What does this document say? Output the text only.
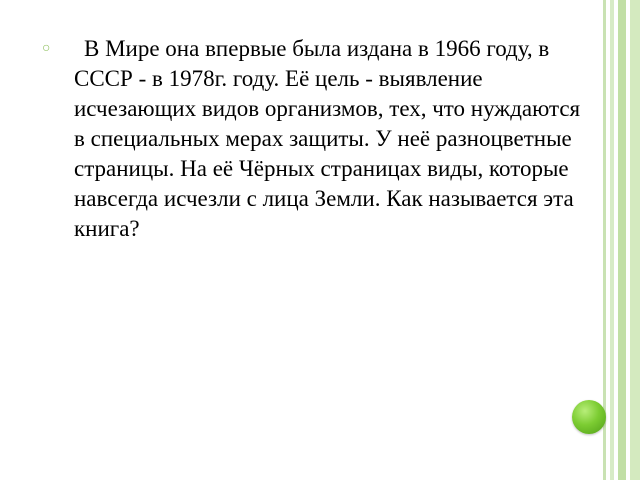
○	В Мире она впервые была издана в 1966 году, в СССР - в 1978г. году. Её цель - выявление исчезающих видов организмов, тех, что нуждаются в специальных мерах защиты. У неё разноцветные страницы. На её Чёрных страницах виды, которые навсегда исчезли с лица Земли. Как называется эта книга?
